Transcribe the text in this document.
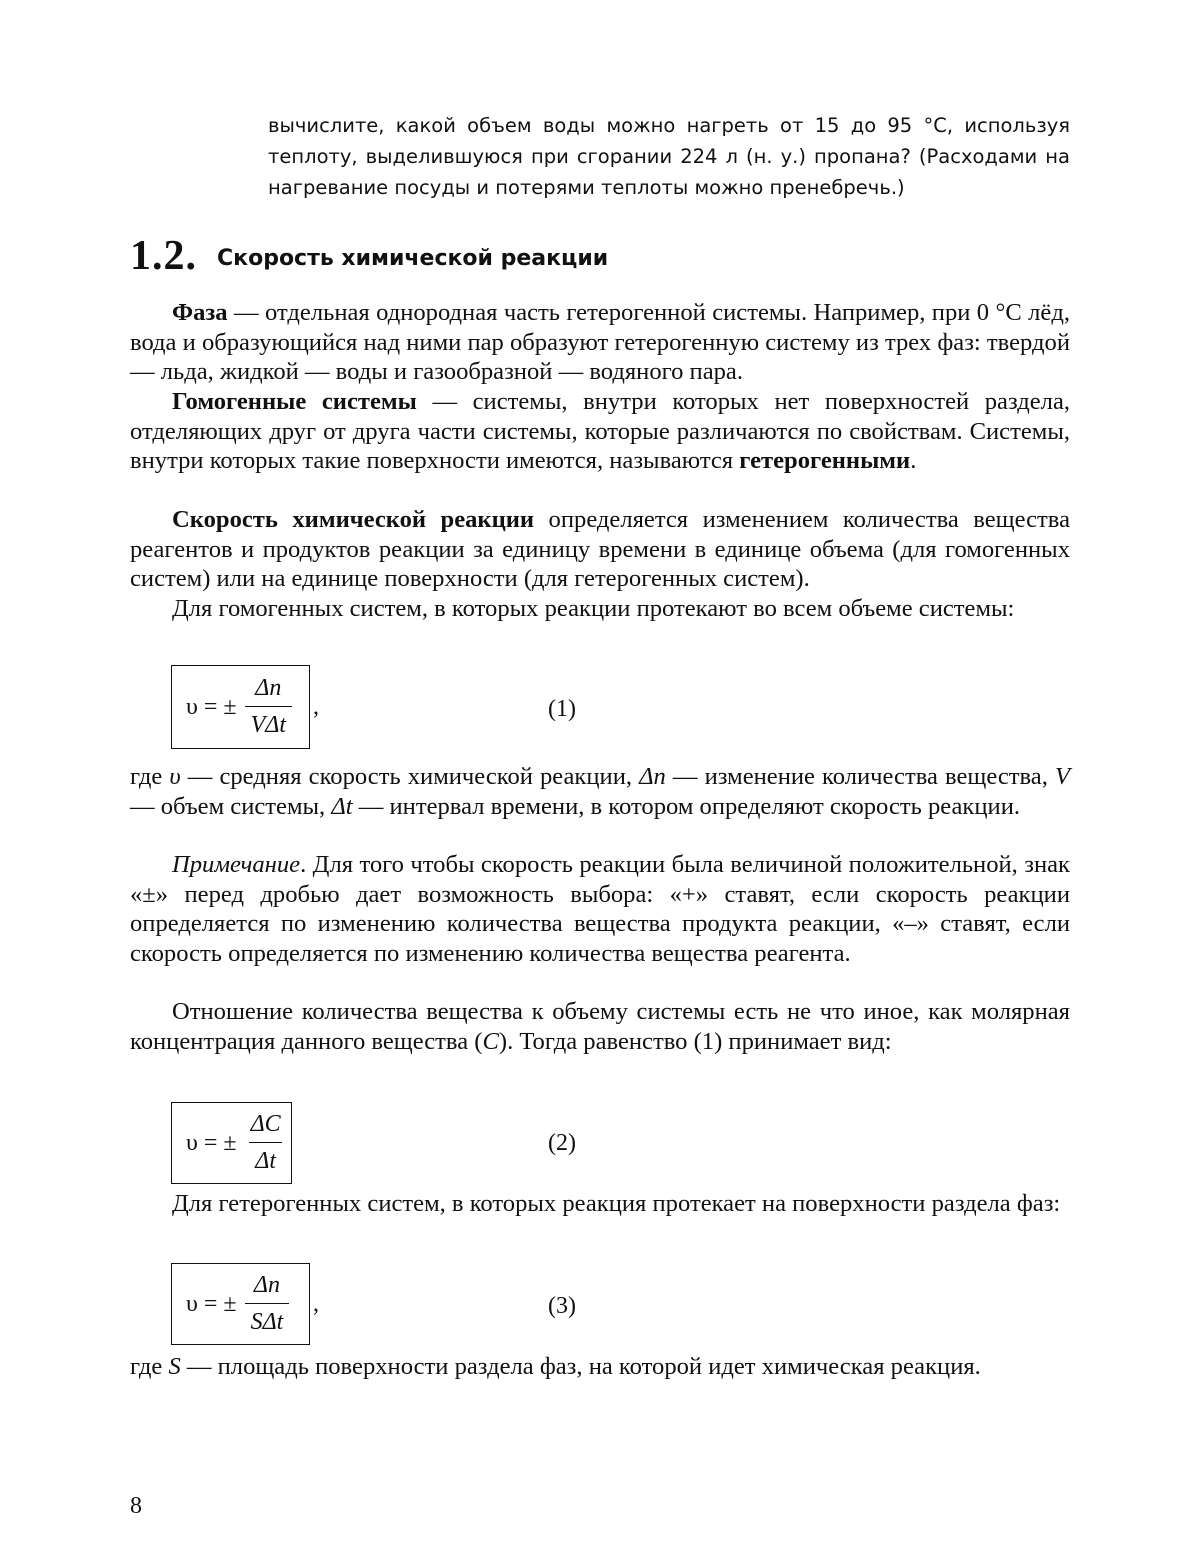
вычислите, какой объем воды можно нагреть от 15 до 95 °С, используя теплоту, выделившуюся при сгорании 224 л (н. у.) пропана? (Расходами на нагревание посуды и потерями теплоты можно пренебречь.)
1.2. Скорость химической реакции

Фаза — отдельная однородная часть гетерогенной системы. Например, при 0 °С лёд, вода и образующийся над ними пар образуют гетерогенную систему из трех фаз: твердой — льда, жидкой — воды и газообразной — водяного пара.

Гомогенные системы — системы, внутри которых нет поверхностей раздела, отделяющих друг от друга части системы, которые различаются по свойствам. Системы, внутри которых такие поверхности имеются, называются гетерогенными.

Скорость химической реакции определяется изменением количества вещества реагентов и продуктов реакции за единицу времени в единице объема (для гомогенных систем) или на единице поверхности (для гетерогенных систем).

Для гомогенных систем, в которых реакции протекают во всем объеме системы:

υ = ± $\frac{\Delta n}{\text{VΔt}}$ ,	(1)

где υ — средняя скорость химической реакции, Δn — изменение количества вещества, V — объем системы, Δt — интервал времени, в котором определяют скорость реакции.

Примечание. Для того чтобы скорость реакции была величиной положительной, знак «±» перед дробью дает возможность выбора: «+» ставят, если скорость реакции определяется по изменению количества вещества продукта реакции, «–» ставят, если скорость определяется по изменению количества вещества реагента.

Отношение количества вещества к объему системы есть не что иное, как молярная концентрация данного вещества (C). Тогда равенство (1) принимает вид:

υ = ± $\frac{\Delta C}{\Delta t}$	(2)

Для гетерогенных систем, в которых реакция протекает на поверхности раздела фаз:

υ = ± $\frac{\Delta n}{\text{SΔt}}$ ,	(3)

где S — площадь поверхности раздела фаз, на которой идет химическая реакция.

8
